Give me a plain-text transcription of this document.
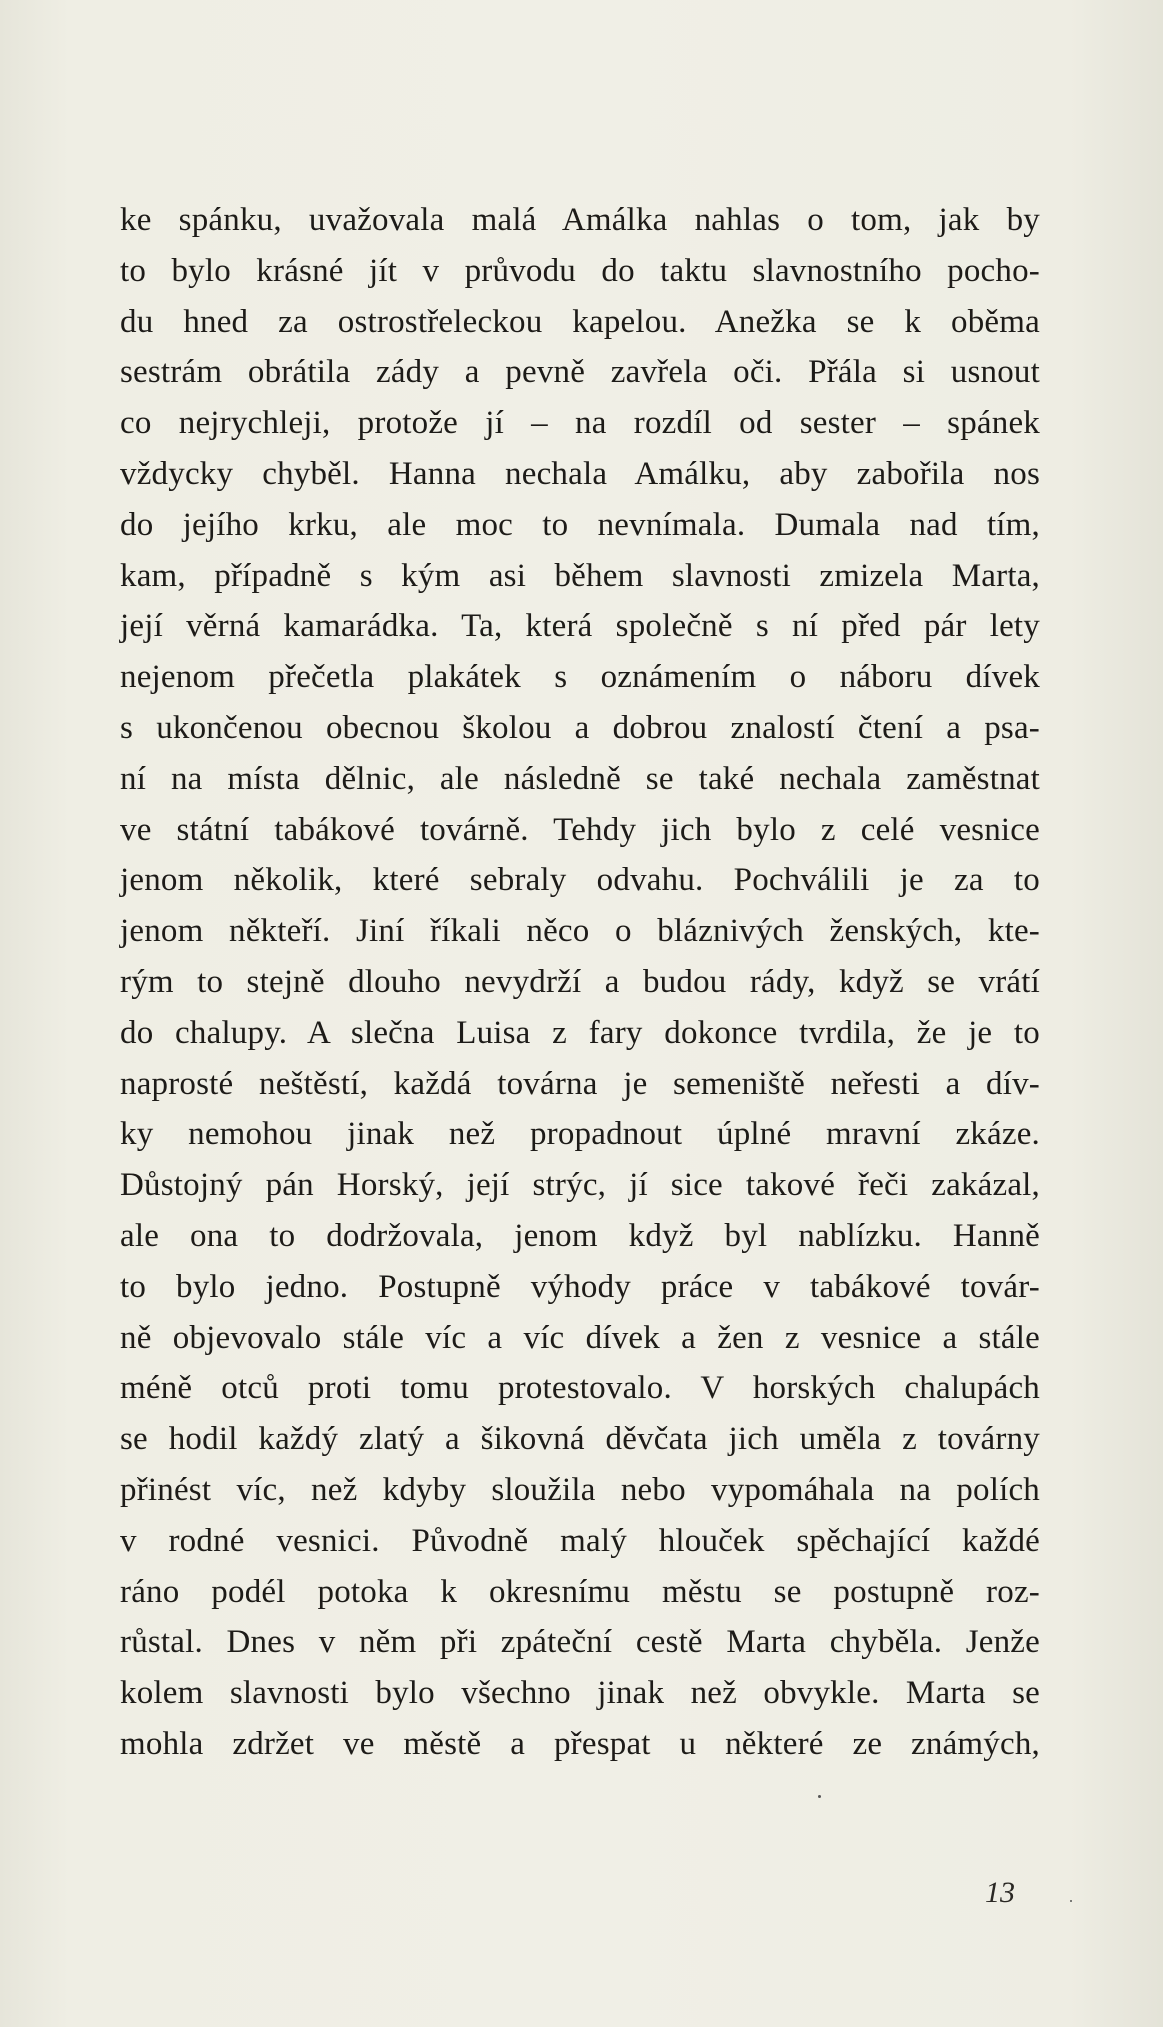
ke spánku, uvažovala malá Amálka nahlas o tom, jak by
to bylo krásné jít v průvodu do taktu slavnostního pocho-
du hned za ostrostřeleckou kapelou. Anežka se k oběma
sestrám obrátila zády a pevně zavřela oči. Přála si usnout
co nejrychleji, protože jí – na rozdíl od sester – spánek
vždycky chyběl. Hanna nechala Amálku, aby zabořila nos
do jejího krku, ale moc to nevnímala. Dumala nad tím,
kam, případně s kým asi během slavnosti zmizela Marta,
její věrná kamarádka. Ta, která společně s ní před pár lety
nejenom přečetla plakátek s oznámením o náboru dívek
s ukončenou obecnou školou a dobrou znalostí čtení a psa-
ní na místa dělnic, ale následně se také nechala zaměstnat
ve státní tabákové továrně. Tehdy jich bylo z celé vesnice
jenom několik, které sebraly odvahu. Pochválili je za to
jenom někteří. Jiní říkali něco o bláznivých ženských, kte-
rým to stejně dlouho nevydrží a budou rády, když se vrátí
do chalupy. A slečna Luisa z fary dokonce tvrdila, že je to
naprosté neštěstí, každá továrna je semeniště neřesti a dív-
ky nemohou jinak než propadnout úplné mravní zkáze.
Důstojný pán Horský, její strýc, jí sice takové řeči zakázal,
ale ona to dodržovala, jenom když byl nablízku. Hanně
to bylo jedno. Postupně výhody práce v tabákové továr-
ně objevovalo stále víc a víc dívek a žen z vesnice a stále
méně otců proti tomu protestovalo. V horských chalupách
se hodil každý zlatý a šikovná děvčata jich uměla z továrny
přinést víc, než kdyby sloužila nebo vypomáhala na polích
v rodné vesnici. Původně malý hlouček spěchající každé
ráno podél potoka k okresnímu městu se postupně roz-
růstal. Dnes v něm při zpáteční cestě Marta chyběla. Jenže
kolem slavnosti bylo všechno jinak než obvykle. Marta se
mohla zdržet ve městě a přespat u některé ze známých,
13
